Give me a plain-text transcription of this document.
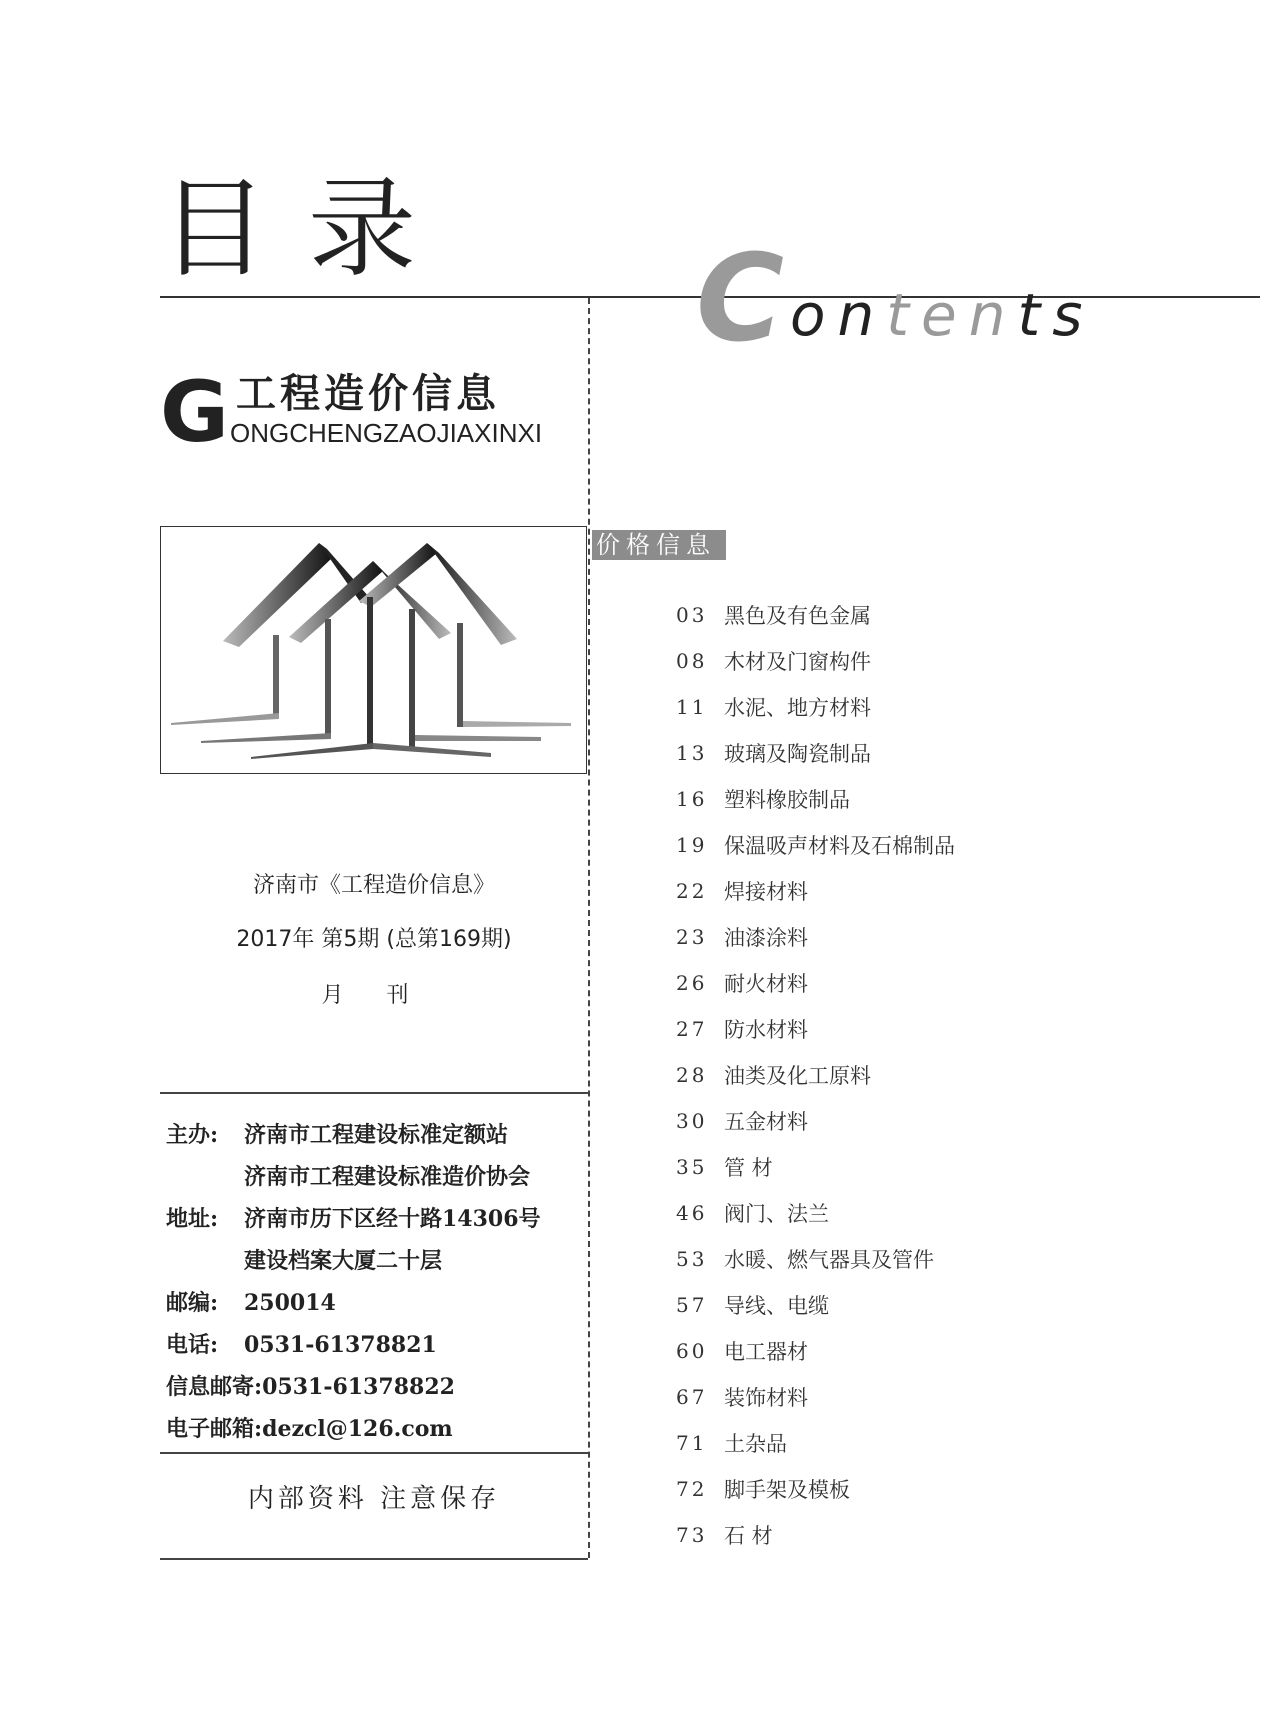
目录
C ontents
G 工程造价信息
ONGCHENGZAOJIAXINXI
济南市《工程造价信息》
2017年 第5期 (总第169期)
月 刊
主办: 济南市工程建设标准定额站
济南市工程建设标准造价协会
地址: 济南市历下区经十路14306号
建设档案大厦二十层
邮编: 250014
电话: 0531-61378821
信息邮寄:0531-61378822
电子邮箱:dezcl@126.com
内部资料 注意保存
价格信息
03 黑色及有色金属
08 木材及门窗构件
11 水泥、地方材料
13 玻璃及陶瓷制品
16 塑料橡胶制品
19 保温吸声材料及石棉制品
22 焊接材料
23 油漆涂料
26 耐火材料
27 防水材料
28 油类及化工原料
30 五金材料
35 管 材
46 阀门、法兰
53 水暖、燃气器具及管件
57 导线、电缆
60 电工器材
67 装饰材料
71 土杂品
72 脚手架及模板
73 石 材
